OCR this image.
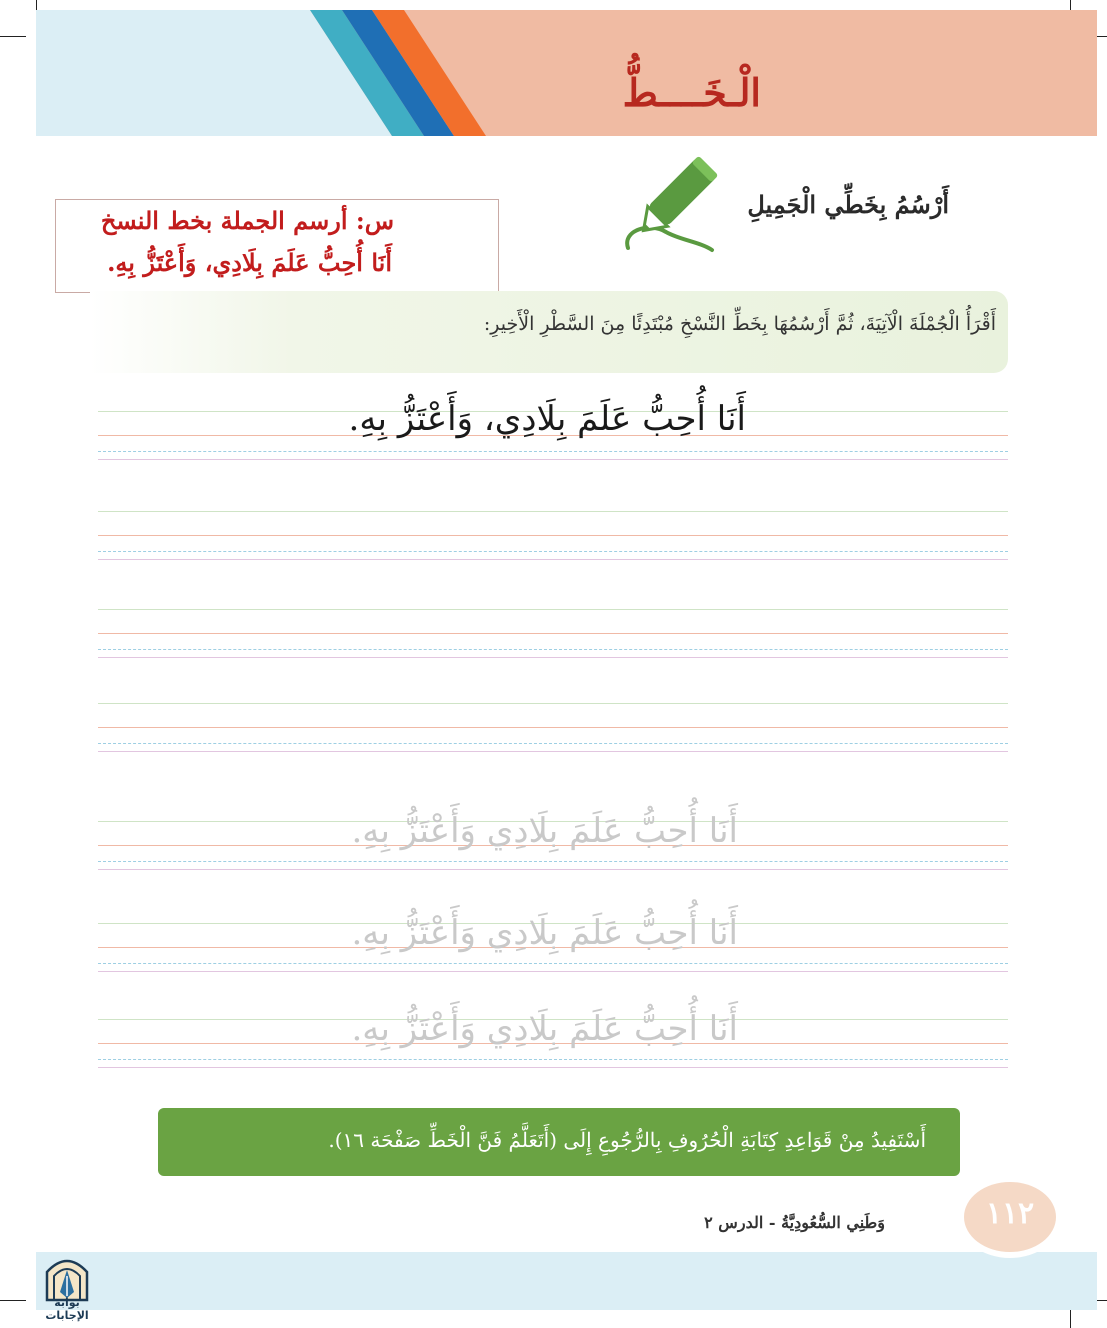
الْـخَــــطُّ
أَرْسُمُ بِخَطِّي الْجَمِيلِ
س: أرسم الجملة بخط النسخ
أَنَا أُحِبُّ عَلَمَ بِلَادِي، وَأَعْتَزُّ بِهِ.
أَقْرَأُ الْجُمْلَةَ الْآتِيَةَ، ثُمَّ أَرْسُمُهَا بِخَطِّ النَّسْخِ مُبْتَدِئًا مِنَ السَّطْرِ الْأَخِيرِ:
أَنَا أُحِبُّ عَلَمَ بِلَادِي، وَأَعْتَزُّ بِهِ.
أَنَا أُحِبُّ عَلَمَ بِلَادِي وَأَعْتَزُّ بِهِ.
أَنَا أُحِبُّ عَلَمَ بِلَادِي وَأَعْتَزُّ بِهِ.
أَنَا أُحِبُّ عَلَمَ بِلَادِي وَأَعْتَزُّ بِهِ.
أَسْتَفِيدُ مِنْ قَوَاعِدِ كِتَابَةِ الْحُرُوفِ بِالرُّجُوعِ إِلَى (أَتَعَلَّمُ فَنَّ الْخَطِّ صَفْحَة ١٦).
وَطَنِي السُّعُودِيَّةُ - الدرس ٢	١١٢
بوابة الإجابات
